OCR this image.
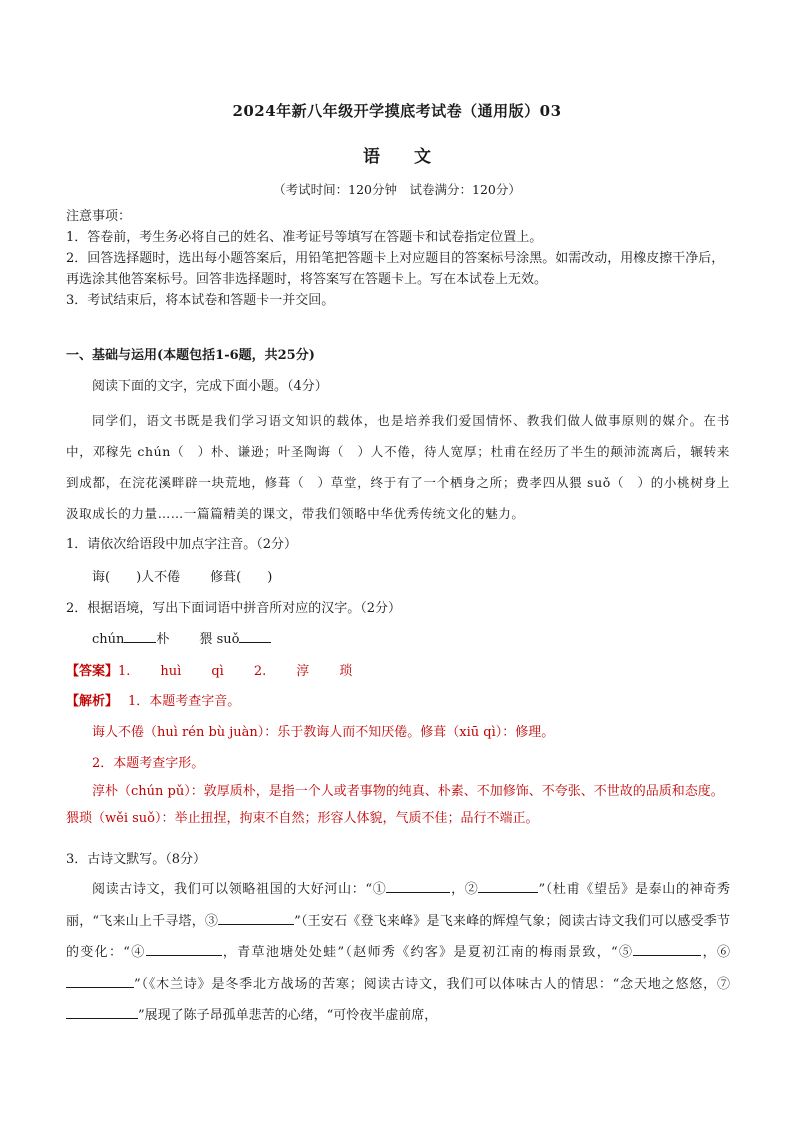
2024年新八年级开学摸底考试卷（通用版）03
语　　文
（考试时间：120分钟　试卷满分：120分）
注意事项：
1．答卷前，考生务必将自己的姓名、准考证号等填写在答题卡和试卷指定位置上。
2．回答选择题时，选出每小题答案后，用铅笔把答题卡上对应题目的答案标号涂黑。如需改动，用橡皮擦干净后，再选涂其他答案标号。回答非选择题时，将答案写在答题卡上。写在本试卷上无效。
3．考试结束后，将本试卷和答题卡一并交回。
一、基础与运用(本题包括1-6题，共25分)
阅读下面的文字，完成下面小题。（4分）
同学们，语文书既是我们学习语文知识的载体，也是培养我们爱国情怀、教我们做人做事原则的媒介。在书中，邓稼先 chún（　）朴、谦逊；叶圣陶诲（　）人不倦，待人宽厚；杜甫在经历了半生的颠沛流离后，辗转来到成都，在浣花溪畔辟一块荒地，修葺（　）草堂，终于有了一个栖身之所；费孝四从猥 suǒ（　）的小桃树身上汲取成长的力量……一篇篇精美的课文，带我们领略中华优秀传统文化的魅力。
1．请依次给语段中加点字注音。（2分）
诲(　　)人不倦 修葺(　　)
2．根据语境，写出下面词语中拼音所对应的汉字。（2分）
chún 朴 猥 suǒ
【答案】1. huì qì 2. 淳 琐
【解析】 1．本题考查字音。
诲人不倦（huì rén bù juàn）：乐于教诲人而不知厌倦。修葺（xiū qì）：修理。
2．本题考查字形。
淳朴（chún pǔ）：敦厚质朴，是指一个人或者事物的纯真、朴素、不加修饰、不夸张、不世故的品质和态度。猥琐（wěi suǒ）：举止扭捏，拘束不自然；形容人体貌，气质不佳；品行不端正。
3．古诗文默写。（8分）
阅读古诗文，我们可以领略祖国的大好河山：“①	，②	”（杜甫《望岳》是泰山的神奇秀丽，“飞来山上千寻塔，③	”（王安石《登飞来峰》是飞来峰的辉煌气象；阅读古诗文我们可以感受季节的变化：“④	，青草池塘处处蛙”（赵师秀《约客》是夏初江南的梅雨景致，“⑤	，⑥”（《木兰诗》是冬季北方战场的苦寒；阅读古诗文，我们可以体味古人的情思：“念天地之悠悠，⑦”展现了陈子昂孤单悲苦的心绪，“可怜夜半虚前席，
